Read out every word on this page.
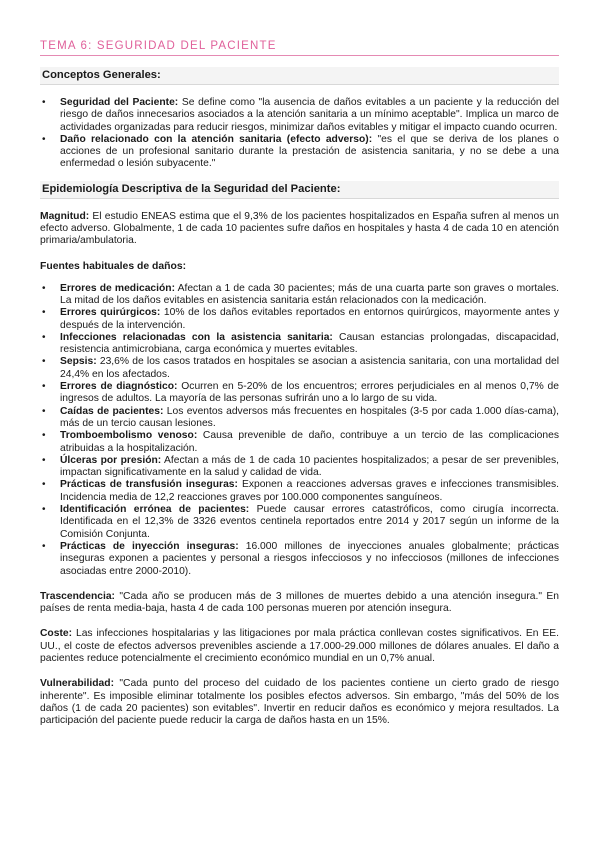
TEMA 6: SEGURIDAD DEL PACIENTE
Conceptos Generales:
• Seguridad del Paciente: Se define como "la ausencia de daños evitables a un paciente y la reducción del riesgo de daños innecesarios asociados a la atención sanitaria a un mínimo aceptable". Implica un marco de actividades organizadas para reducir riesgos, minimizar daños evitables y mitigar el impacto cuando ocurren.
• Daño relacionado con la atención sanitaria (efecto adverso): "es el que se deriva de los planes o acciones de un profesional sanitario durante la prestación de asistencia sanitaria, y no se debe a una enfermedad o lesión subyacente."
Epidemiología Descriptiva de la Seguridad del Paciente:

Magnitud: El estudio ENEAS estima que el 9,3% de los pacientes hospitalizados en España sufren al menos un efecto adverso. Globalmente, 1 de cada 10 pacientes sufre daños en hospitales y hasta 4 de cada 10 en atención primaria/ambulatoria.

Fuentes habituales de daños:
• Errores de medicación: Afectan a 1 de cada 30 pacientes; más de una cuarta parte son graves o mortales. La mitad de los daños evitables en asistencia sanitaria están relacionados con la medicación.
• Errores quirúrgicos: 10% de los daños evitables reportados en entornos quirúrgicos, mayormente antes y después de la intervención.
• Infecciones relacionadas con la asistencia sanitaria: Causan estancias prolongadas, discapacidad, resistencia antimicrobiana, carga económica y muertes evitables.
• Sepsis: 23,6% de los casos tratados en hospitales se asocian a asistencia sanitaria, con una mortalidad del 24,4% en los afectados.
• Errores de diagnóstico: Ocurren en 5-20% de los encuentros; errores perjudiciales en al menos 0,7% de ingresos de adultos. La mayoría de las personas sufrirán uno a lo largo de su vida.
• Caídas de pacientes: Los eventos adversos más frecuentes en hospitales (3-5 por cada 1.000 días-cama), más de un tercio causan lesiones.
• Tromboembolismo venoso: Causa prevenible de daño, contribuye a un tercio de las complicaciones atribuidas a la hospitalización.
• Úlceras por presión: Afectan a más de 1 de cada 10 pacientes hospitalizados; a pesar de ser prevenibles, impactan significativamente en la salud y calidad de vida.
• Prácticas de transfusión inseguras: Exponen a reacciones adversas graves e infecciones transmisibles. Incidencia media de 12,2 reacciones graves por 100.000 componentes sanguíneos.
• Identificación errónea de pacientes: Puede causar errores catastróficos, como cirugía incorrecta. Identificada en el 12,3% de 3326 eventos centinela reportados entre 2014 y 2017 según un informe de la Comisión Conjunta.
• Prácticas de inyección inseguras: 16.000 millones de inyecciones anuales globalmente; prácticas inseguras exponen a pacientes y personal a riesgos infecciosos y no infecciosos (millones de infecciones asociadas entre 2000-2010).

Trascendencia: "Cada año se producen más de 3 millones de muertes debido a una atención insegura." En países de renta media-baja, hasta 4 de cada 100 personas mueren por atención insegura.

Coste: Las infecciones hospitalarias y las litigaciones por mala práctica conllevan costes significativos. En EE. UU., el coste de efectos adversos prevenibles asciende a 17.000-29.000 millones de dólares anuales. El daño a pacientes reduce potencialmente el crecimiento económico mundial en un 0,7% anual.

Vulnerabilidad: "Cada punto del proceso del cuidado de los pacientes contiene un cierto grado de riesgo inherente". Es imposible eliminar totalmente los posibles efectos adversos. Sin embargo, "más del 50% de los daños (1 de cada 20 pacientes) son evitables". Invertir en reducir daños es económico y mejora resultados. La participación del paciente puede reducir la carga de daños hasta en un 15%.
